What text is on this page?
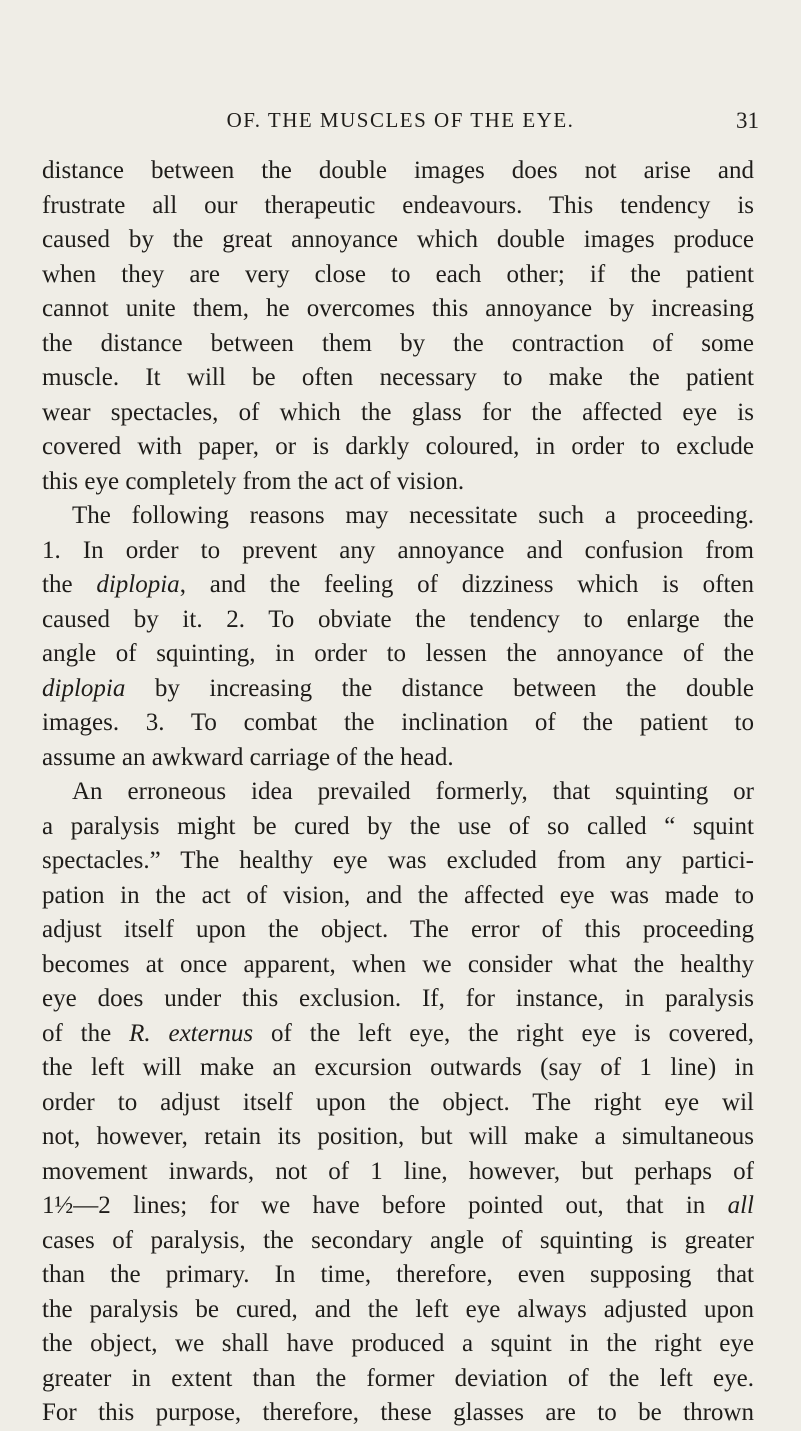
OF. THE MUSCLES OF THE EYE.	31
distance between the double images does not arise and
frustrate all our therapeutic endeavours. This tendency is
caused by the great annoyance which double images produce
when they are very close to each other; if the patient
cannot unite them, he overcomes this annoyance by increasing
the distance between them by the contraction of some
muscle. It will be often necessary to make the patient
wear spectacles, of which the glass for the affected eye is
covered with paper, or is darkly coloured, in order to exclude
this eye completely from the act of vision.
The following reasons may necessitate such a proceeding.
1. In order to prevent any annoyance and confusion from
the diplopia, and the feeling of dizziness which is often
caused by it. 2. To obviate the tendency to enlarge the
angle of squinting, in order to lessen the annoyance of the
diplopia by increasing the distance between the double
images. 3. To combat the inclination of the patient to
assume an awkward carriage of the head.
An erroneous idea prevailed formerly, that squinting or
a paralysis might be cured by the use of so called “ squint
spectacles.” The healthy eye was excluded from any partici-
pation in the act of vision, and the affected eye was made to
adjust itself upon the object. The error of this proceeding
becomes at once apparent, when we consider what the healthy
eye does under this exclusion. If, for instance, in paralysis
of the R. externus of the left eye, the right eye is covered,
the left will make an excursion outwards (say of 1 line) in
order to adjust itself upon the object. The right eye wil
not, however, retain its position, but will make a simultaneous
movement inwards, not of 1 line, however, but perhaps of
1½—2 lines; for we have before pointed out, that in all
cases of paralysis, the secondary angle of squinting is greater
than the primary. In time, therefore, even supposing that
the paralysis be cured, and the left eye always adjusted upon
the object, we shall have produced a squint in the right eye
greater in extent than the former deviation of the left eye.
For this purpose, therefore, these glasses are to be thrown
